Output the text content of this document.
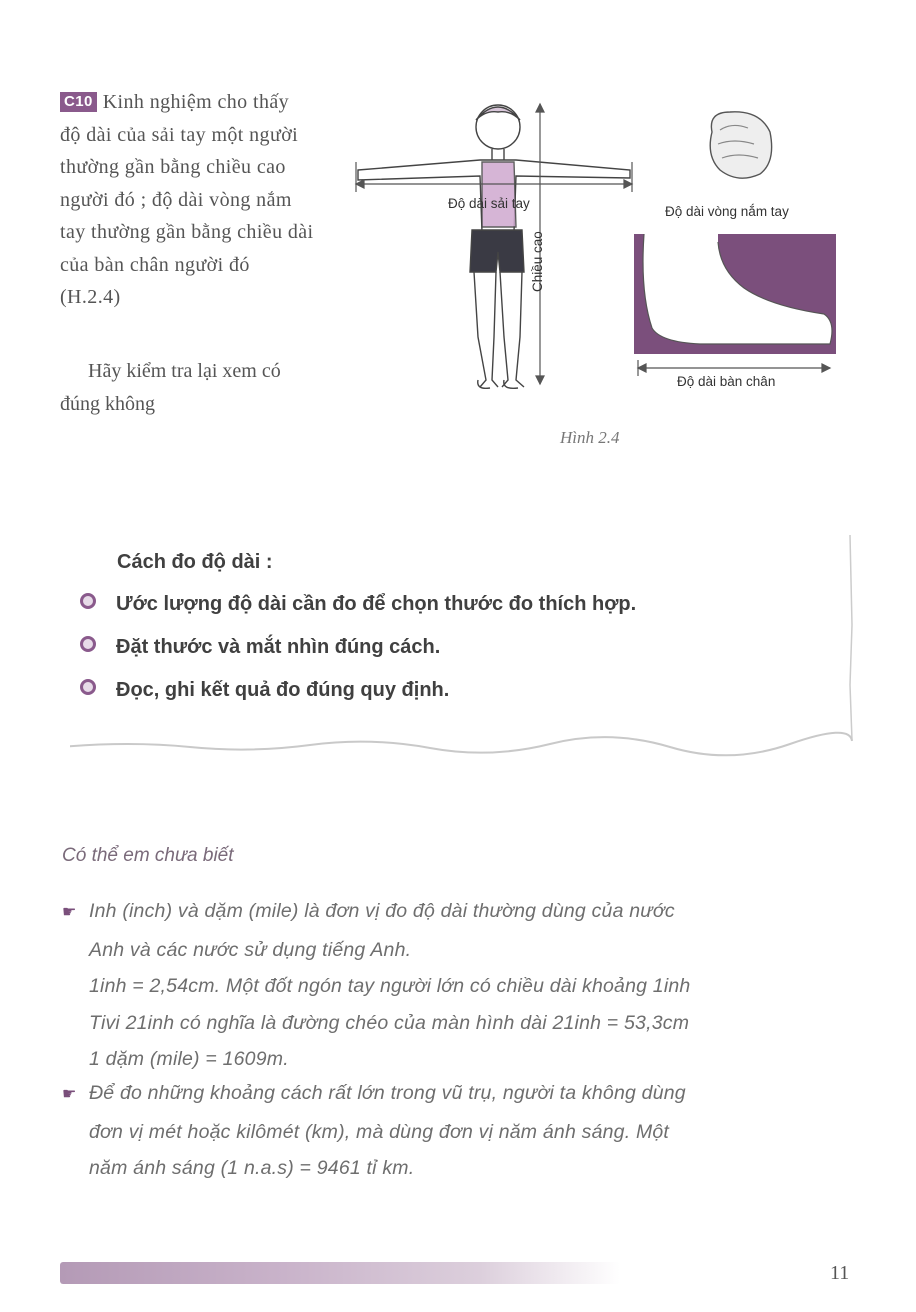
C10 Kinh nghiệm cho thấy độ dài của sải tay một người thường gần bằng chiều cao người đó ; độ dài vòng nắm tay thường gần bằng chiều dài của bàn chân người đó (H.2.4)
Hãy kiểm tra lại xem có đúng không
Độ dài sải tay
Chiều cao
Độ dài vòng nắm tay
Độ dài bàn chân
Hình 2.4
Cách đo độ dài :
Ước lượng độ dài cần đo để chọn thước đo thích hợp.
Đặt thước và mắt nhìn đúng cách.
Đọc, ghi kết quả đo đúng quy định.
Có thể em chưa biết
☛ Inh (inch) và dặm (mile) là đơn vị đo độ dài thường dùng của nước
Anh và các nước sử dụng tiếng Anh.
1inh = 2,54cm. Một đốt ngón tay người lớn có chiều dài khoảng 1inh
Tivi 21inh có nghĩa là đường chéo của màn hình dài 21inh = 53,3cm
1 dặm (mile) = 1609m.
☛ Để đo những khoảng cách rất lớn trong vũ trụ, người ta không dùng
đơn vị mét hoặc kilômét (km), mà dùng đơn vị năm ánh sáng. Một
năm ánh sáng (1 n.a.s) = 9461 tỉ km.
11
